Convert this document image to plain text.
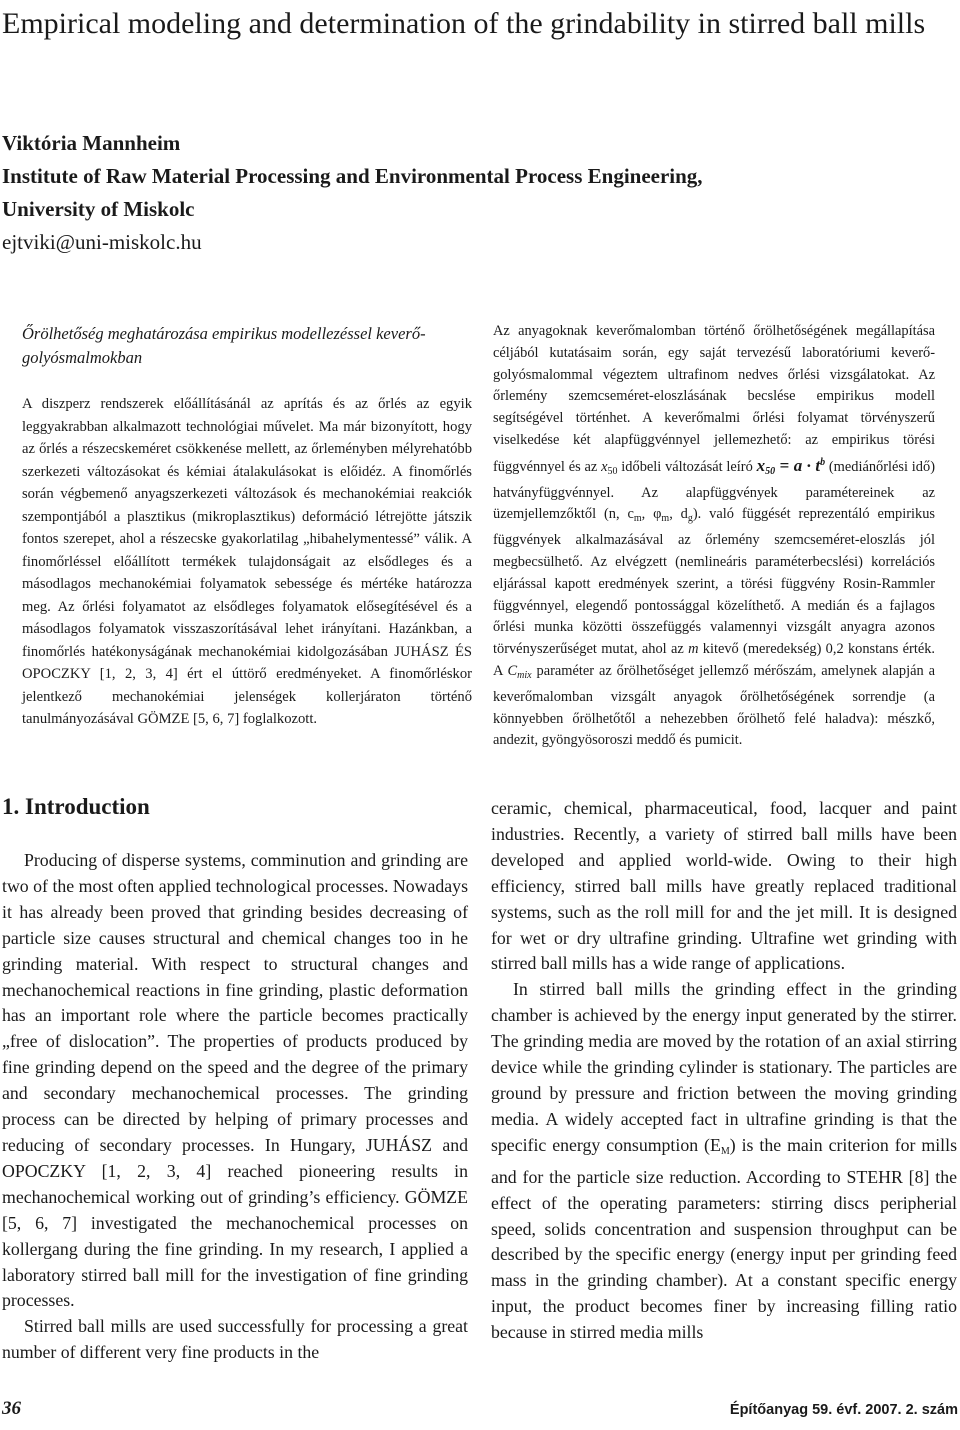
Empirical modeling and determination of the grindability in stirred ball mills
Viktória Mannheim
Institute of Raw Material Processing and Environmental Process Engineering,
University of Miskolc
ejtviki@uni-miskolc.hu
Őrölhetőség meghatározása empirikus modellezéssel keverőgolyósmalmokban
A diszperz rendszerek előállításánál az aprítás és az őrlés az egyik leggyakrabban alkalmazott technológiai művelet. Ma már bizonyított, hogy az őrlés a részecskeméret csökkenése mellett, az őrleményben mélyrehatóbb szerkezeti változásokat és kémiai átalakulásokat is előidéz. A finomőrlés során végbemenő anyagszerkezeti változások és mechanokémiai reakciók szempontjából a plasztikus (mikroplasztikus) deformáció létrejötte játszik fontos szerepet, ahol a részecske gyakorlatilag „hibahelymentessé” válik. A finomőrléssel előállított termékek tulajdonságait az elsődleges és a másodlagos mechanokémiai folyamatok sebessége és mértéke határozza meg. Az őrlési folyamatot az elsődleges folyamatok elősegítésével és a másodlagos folyamatok visszaszorításával lehet irányítani. Hazánkban, a finomőrlés hatékonyságának mechanokémiai kidolgozásában JUHÁSZ ÉS OPOCZKY [1, 2, 3, 4] ért el úttörő eredményeket. A finomőrléskor jelentkező mechanokémiai jelenségek kollerjáraton történő tanulmányozásával GÖMZE [5, 6, 7] foglalkozott.
Az anyagoknak keverőmalomban történő őrölhetőségének megállapítása céljából kutatásaim során, egy saját tervezésű laboratóriumi keverő-golyósmalommal végeztem ultrafinom nedves őrlési vizsgálatokat. Az őrlemény szemcseméret-eloszlásának becslése empirikus modell segítségével történhet. A keverőmalmi őrlési folyamat törvényszerű viselkedése két alapfüggvénnyel jellemezhető: az empirikus törési függvénnyel és az $x_{50}$ időbeli változását leíró $x_{50} = a \cdot t^b$ (mediánőrlési idő) hatványfüggvénnyel. Az alapfüggvények paramétereinek az üzemjellemzőktől (n, $c_m$, $\varphi_m$, $d_g$). való függését reprezentáló empirikus függvények alkalmazásával az őrlemény szemcseméret-eloszlás jól megbecsülhető. Az elvégzett (nemlineáris paraméterbecslési) korrelációs eljárással kapott eredmények szerint, a törési függvény Rosin-Rammler függvénnyel, elegendő pontossággal közelíthető. A medián és a fajlagos őrlési munka közötti összefüggés valamennyi vizsgált anyagra azonos törvényszerűséget mutat, ahol az m kitevő (meredekség) 0,2 konstans érték. A $C_{mix}$ paraméter az őrölhetőséget jellemző mérőszám, amelynek alapján a keverőmalomban vizsgált anyagok őrölhetőségének sorrendje (a könnyebben őrölhetőtől a nehezebben őrölhető felé haladva): mészkő, andezit, gyöngyösoroszi meddő és pumicit.
1. Introduction

Producing of disperse systems, comminution and grinding are two of the most often applied technological processes. Nowadays it has already been proved that grinding besides decreasing of particle size causes structural and chemical changes too in he grinding material. With respect to structural changes and mechanochemical reactions in fine grinding, plastic deformation has an important role where the particle becomes practically „free of dislocation”. The properties of products produced by fine grinding depend on the speed and the degree of the primary and secondary mechanochemical processes. The grinding process can be directed by helping of primary processes and reducing of secondary processes. In Hungary, JUHÁSZ and OPOCZKY [1, 2, 3, 4] reached pioneering results in mechanochemical working out of grinding’s efficiency. GÖMZE [5, 6, 7] investigated the mechanochemical processes on kollergang during the fine grinding. In my research, I applied a laboratory stirred ball mill for the investigation of fine grinding processes.

Stirred ball mills are used successfully for processing a great number of different very fine products in the

ceramic, chemical, pharmaceutical, food, lacquer and paint industries. Recently, a variety of stirred ball mills have been developed and applied world-wide. Owing to their high efficiency, stirred ball mills have greatly replaced traditional systems, such as the roll mill for and the jet mill. It is designed for wet or dry ultrafine grinding. Ultrafine wet grinding with stirred ball mills has a wide range of applications.

In stirred ball mills the grinding effect in the grinding chamber is achieved by the energy input generated by the stirrer. The grinding media are moved by the rotation of an axial stirring device while the grinding cylinder is stationary. The particles are ground by pressure and friction between the moving grinding media. A widely accepted fact in ultrafine grinding is that the specific energy consumption $(E_M)$ is the main criterion for mills and for the particle size reduction. According to STEHR [8] the effect of the operating parameters: stirring discs peripherial speed, solids concentration and suspension throughput can be described by the specific energy (energy input per grinding feed mass in the grinding chamber). At a constant specific energy input, the product becomes finer by increasing filling ratio because in stirred media mills

36	Építőanyag 59. évf. 2007. 2. szám
